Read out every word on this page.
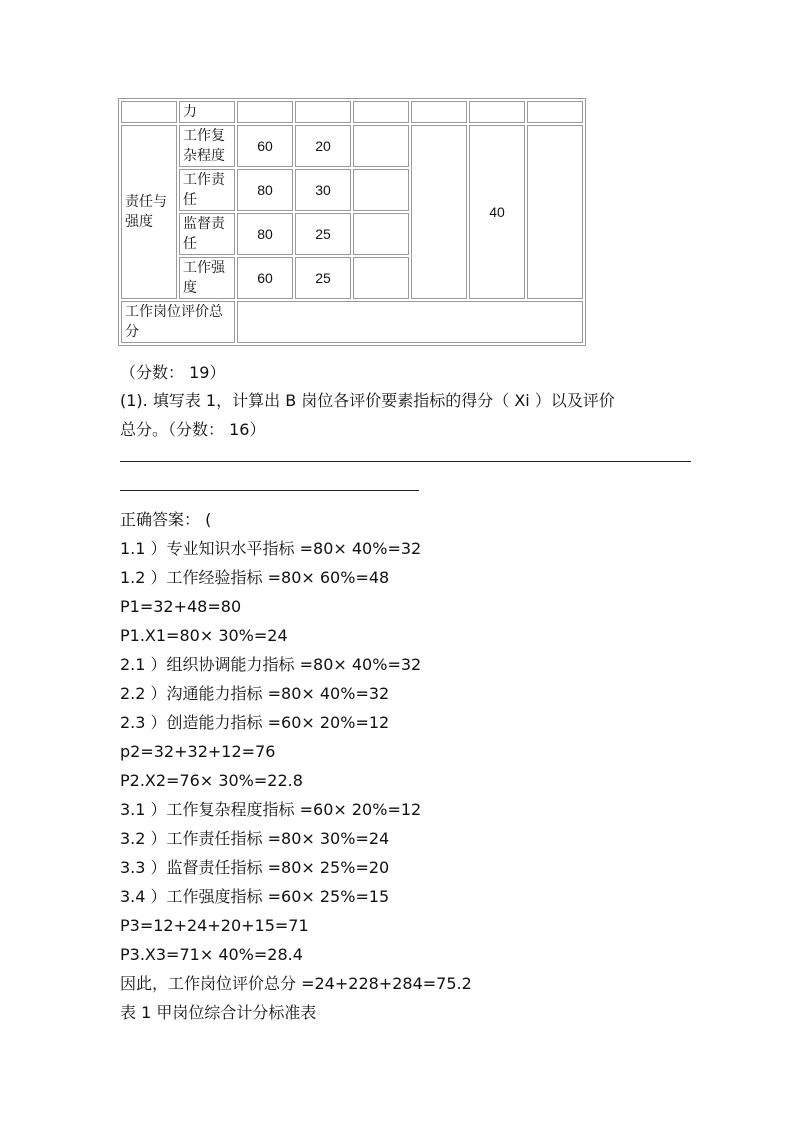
	力						
责任与
强度	工作复
杂程度	60	20			40	
	工作责
任	80	30				
	监督责
任	80	25				
	工作强
度	60	25				
工作岗位评价总
分							
（分数： 19）
(1). 填写表 1，计算出 B 岗位各评价要素指标的得分（ Xi ）以及评价
总分。（分数： 16）
正确答案： (
1.1 ）专业知识水平指标 =80× 40%=32
1.2 ）工作经验指标 =80× 60%=48
P1=32+48=80
P1.X1=80× 30%=24
2.1 ）组织协调能力指标 =80× 40%=32
2.2 ）沟通能力指标 =80× 40%=32
2.3 ）创造能力指标 =60× 20%=12
p2=32+32+12=76
P2.X2=76× 30%=22.8
3.1 ）工作复杂程度指标 =60× 20%=12
3.2 ）工作责任指标 =80× 30%=24
3.3 ）监督责任指标 =80× 25%=20
3.4 ）工作强度指标 =60× 25%=15
P3=12+24+20+15=71
P3.X3=71× 40%=28.4
因此，工作岗位评价总分 =24+228+284=75.2
表 1 甲岗位综合计分标准表
